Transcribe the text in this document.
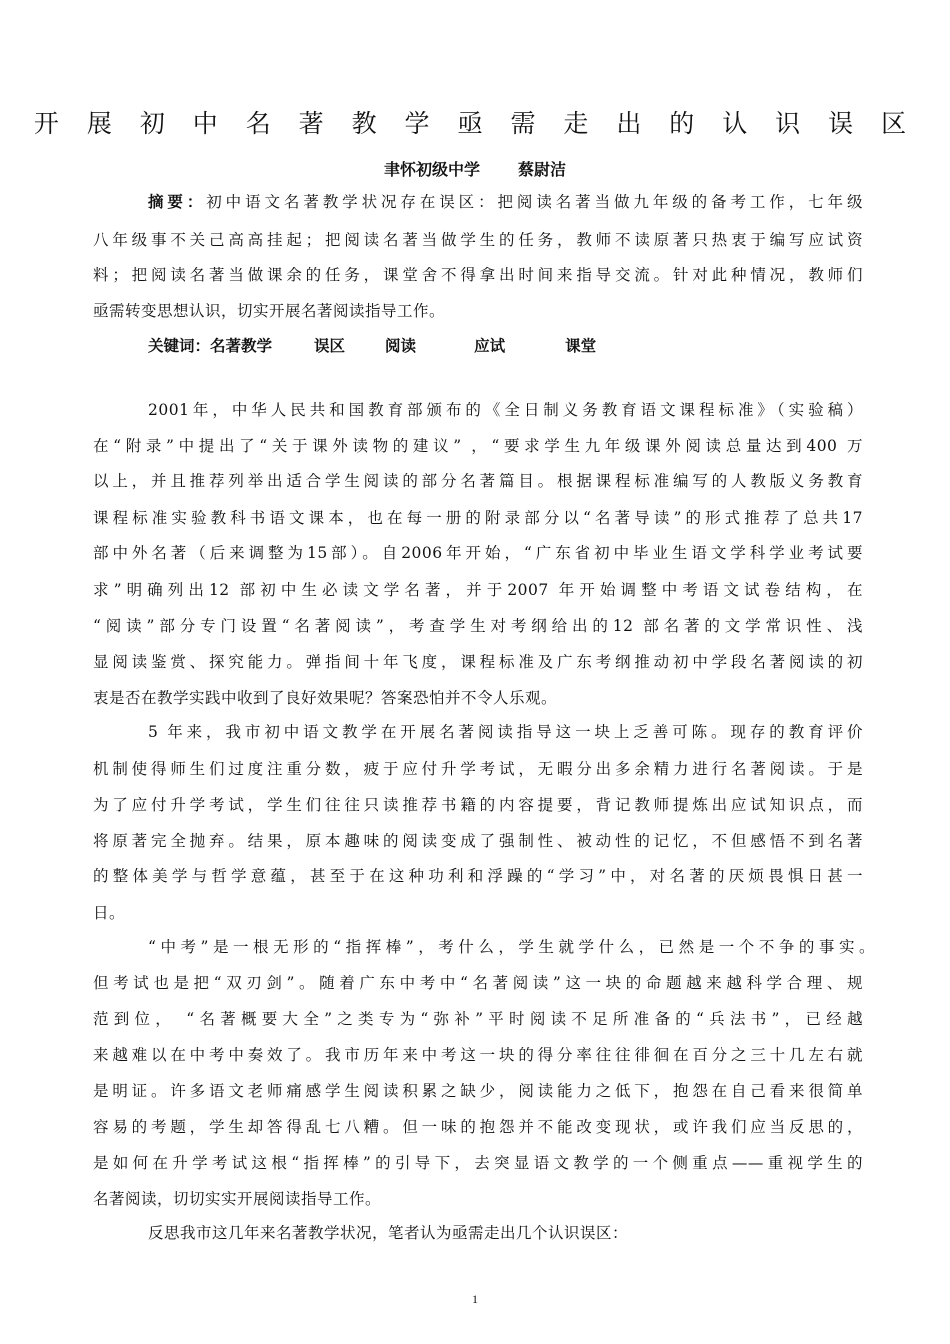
开 展 初 中 名 著 教 学 亟 需 走 出 的 认 识 误 区
聿怀初级中学 蔡尉洁
摘要：初中语文名著教学状况存在误区：把阅读名著当做九年级的备考工作，七年级
八年级事不关己高高挂起；把阅读名著当做学生的任务，教师不读原著只热衷于编写应试资
料；把阅读名著当做课余的任务，课堂舍不得拿出时间来指导交流。针对此种情况，教师们
亟需转变思想认识，切实开展名著阅读指导工作。
关键词：名著教学	误区	阅读	应试	课堂
2001年，中华人民共和国教育部颁布的《全日制义务教育语文课程标准》（实验稿）
在“附录”中提出了“关于课外读物的建议” ，“要求学生九年级课外阅读总量达到400 万
以上，并且推荐列举出适合学生阅读的部分名著篇目。根据课程标准编写的人教版义务教育
课程标准实验教科书语文课本，也在每一册的附录部分以“名著导读”的形式推荐了总共17
部中外名著（后来调整为15部）。自2006年开始，“广东省初中毕业生语文学科学业考试要
求”明确列出12 部初中生必读文学名著，并于2007 年开始调整中考语文试卷结构，在
“阅读”部分专门设置“名著阅读”，考查学生对考纲给出的12 部名著的文学常识性、浅
显阅读鉴赏、探究能力。弹指间十年飞度，课程标准及广东考纲推动初中学段名著阅读的初
衷是否在教学实践中收到了良好效果呢？答案恐怕并不令人乐观。
5 年来，我市初中语文教学在开展名著阅读指导这一块上乏善可陈。现存的教育评价
机制使得师生们过度注重分数，疲于应付升学考试，无暇分出多余精力进行名著阅读。于是
为了应付升学考试，学生们往往只读推荐书籍的内容提要，背记教师提炼出应试知识点，而
将原著完全抛弃。结果，原本趣味的阅读变成了强制性、被动性的记忆，不但感悟不到名著
的整体美学与哲学意蕴，甚至于在这种功利和浮躁的“学习”中，对名著的厌烦畏惧日甚一
日。
“中考”是一根无形的“指挥棒”，考什么，学生就学什么，已然是一个不争的事实。
但考试也是把“双刃剑”。随着广东中考中“名著阅读”这一块的命题越来越科学合理、规
范到位， “名著概要大全”之类专为“弥补”平时阅读不足所准备的“兵法书”，已经越
来越难以在中考中奏效了。我市历年来中考这一块的得分率往往徘徊在百分之三十几左右就
是明证。许多语文老师痛感学生阅读积累之缺少，阅读能力之低下，抱怨在自己看来很简单
容易的考题，学生却答得乱七八糟。但一味的抱怨并不能改变现状，或许我们应当反思的，
是如何在升学考试这根“指挥棒”的引导下，去突显语文教学的一个侧重点——重视学生的
名著阅读，切切实实开展阅读指导工作。
反思我市这几年来名著教学状况，笔者认为亟需走出几个认识误区：
1
